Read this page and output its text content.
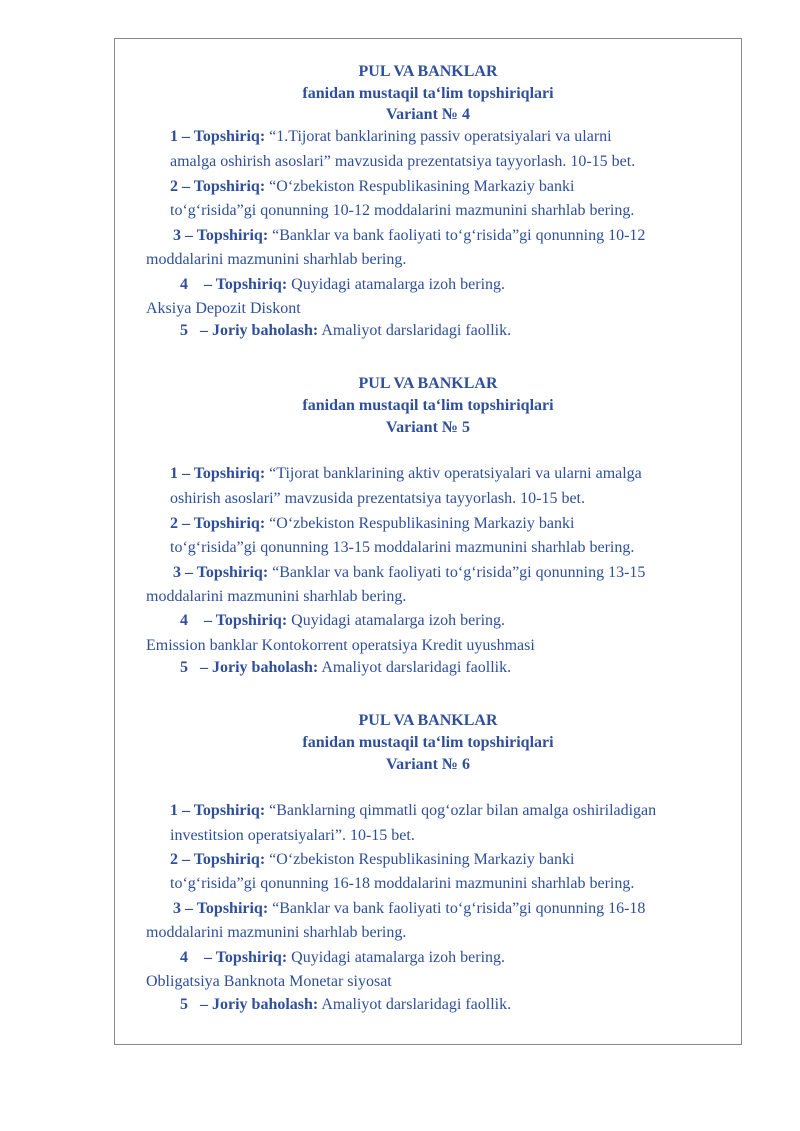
PUL VA BANKLAR
fanidan mustaqil taʻlim topshiriqlari
Variant № 4
1 – Topshiriq: “1.Tijorat banklarining passiv operatsiyalari va ularni
amalga oshirish asoslari” mavzusida prezentatsiya tayyorlash. 10-15 bet.
2 – Topshiriq: “O‘zbekiston Respublikasining Markaziy banki
to‘g‘risida”gi qonunning 10-12 moddalarini mazmunini sharhlab bering.
3 – Topshiriq: “Banklar va bank faoliyati to‘g‘risida”gi qonunning 10-12
moddalarini mazmunini sharhlab bering.
4 – Topshiriq: Quyidagi atamalarga izoh bering.
Aksiya Depozit Diskont
5 – Joriy baholash: Amaliyot darslaridagi faollik.
PUL VA BANKLAR
fanidan mustaqil taʻlim topshiriqlari
Variant № 5
1 – Topshiriq: “Tijorat banklarining aktiv operatsiyalari va ularni amalga
oshirish asoslari” mavzusida prezentatsiya tayyorlash. 10-15 bet.
2 – Topshiriq: “O‘zbekiston Respublikasining Markaziy banki
to‘g‘risida”gi qonunning 13-15 moddalarini mazmunini sharhlab bering.
3 – Topshiriq: “Banklar va bank faoliyati to‘g‘risida”gi qonunning 13-15
moddalarini mazmunini sharhlab bering.
4 – Topshiriq: Quyidagi atamalarga izoh bering.
Emission banklar Kontokorrent operatsiya Kredit uyushmasi
5 – Joriy baholash: Amaliyot darslaridagi faollik.
PUL VA BANKLAR
fanidan mustaqil taʻlim topshiriqlari
Variant № 6
1 – Topshiriq: “Banklarning qimmatli qog‘ozlar bilan amalga oshiriladigan
investitsion operatsiyalari”. 10-15 bet.
2 – Topshiriq: “O‘zbekiston Respublikasining Markaziy banki
to‘g‘risida”gi qonunning 16-18 moddalarini mazmunini sharhlab bering.
3 – Topshiriq: “Banklar va bank faoliyati to‘g‘risida”gi qonunning 16-18
moddalarini mazmunini sharhlab bering.
4 – Topshiriq: Quyidagi atamalarga izoh bering.
Obligatsiya Banknota Monetar siyosat
5 – Joriy baholash: Amaliyot darslaridagi faollik.
